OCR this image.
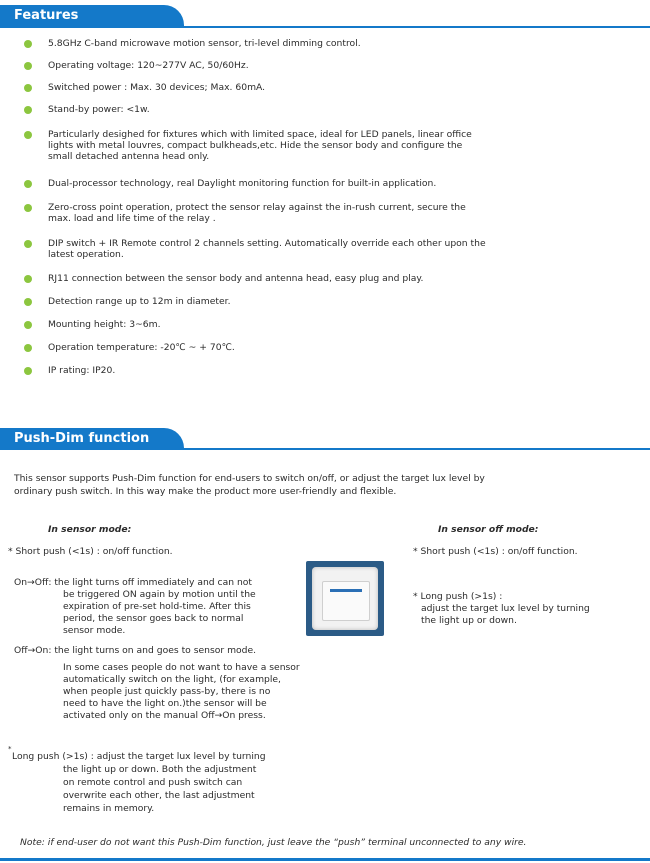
Features
5.8GHz C-band microwave motion sensor, tri-level dimming control.
Operating voltage: 120~277V AC, 50/60Hz.
Switched power : Max. 30 devices; Max. 60mA.
Stand-by power: <1w.
Particularly desighed for fixtures which with limited space, ideal for LED panels, linear office
lights with metal louvres, compact bulkheads,etc. Hide the sensor body and configure the
small detached antenna head only.
Dual-processor technology, real Daylight monitoring function for built-in application.
Zero-cross point operation, protect the sensor relay against the in-rush current, secure the
max. load and life time of the relay .
DIP switch + IR Remote control 2 channels setting. Automatically override each other upon the
latest operation.
RJ11 connection between the sensor body and antenna head, easy plug and play.
Detection range up to 12m in diameter.
Mounting height: 3~6m.
Operation temperature: -20℃ ~ + 70℃.
IP rating: IP20.
Push-Dim function
This sensor supports Push-Dim function for end-users to switch on/off, or adjust the target lux level by
ordinary push switch. In this way make the product more user-friendly and flexible.
In sensor mode:
* Short push (<1s) : on/off function.
On→Off: the light turns off immediately and can not
be triggered ON again by motion until the
expiration of pre-set hold-time. After this
period, the sensor goes back to normal
sensor mode.
Off→On: the light turns on and goes to sensor mode.
In some cases people do not want to have a sensor
automatically switch on the light, (for example,
when people just quickly pass-by, there is no
need to have the light on.)the sensor will be
activated only on the manual Off→On press.
*
Long push (>1s) : adjust the target lux level by turning
the light up or down. Both the adjustment
on remote control and push switch can
overwrite each other, the last adjustment
remains in memory.
In sensor off mode:
* Short push (<1s) : on/off function.
* Long push (>1s) :
adjust the target lux level by turning
the light up or down.
Note: if end-user do not want this Push-Dim function, just leave the “push” terminal unconnected to any wire.
